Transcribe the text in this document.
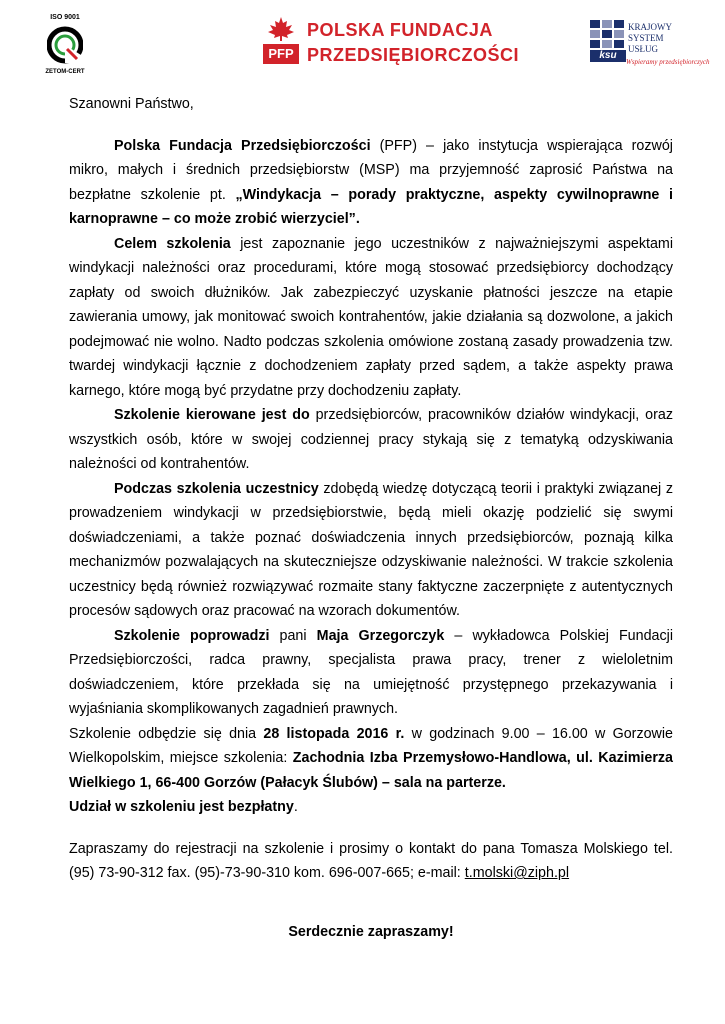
ISO 9001
ZETOM-CERT
PFP
POLSKA FUNDACJA
PRZEDSIĘBIORCZOŚCI
KRAJOWY
SYSTEM
USŁUG
ksu
Wspieramy przedsiębiorczych

Szanowni Państwo,

Polska Fundacja Przedsiębiorczości (PFP) – jako instytucja wspierająca rozwój mikro, małych i średnich przedsiębiorstw (MSP) ma przyjemność zaprosić Państwa na bezpłatne szkolenie pt. „Windykacja – porady praktyczne, aspekty cywilnoprawne i karnoprawne – co może zrobić wierzyciel”.

Celem szkolenia jest zapoznanie jego uczestników z najważniejszymi aspektami windykacji należności oraz procedurami, które mogą stosować przedsiębiorcy dochodzący zapłaty od swoich dłużników. Jak zabezpieczyć uzyskanie płatności jeszcze na etapie zawierania umowy, jak monitować swoich kontrahentów, jakie działania są dozwolone, a jakich podejmować nie wolno. Nadto podczas szkolenia omówione zostaną zasady prowadzenia tzw. twardej windykacji łącznie z dochodzeniem zapłaty przed sądem, a także aspekty prawa karnego, które mogą być przydatne przy dochodzeniu zapłaty.

Szkolenie kierowane jest do przedsiębiorców, pracowników działów windykacji, oraz wszystkich osób, które w swojej codziennej pracy stykają się z tematyką odzyskiwania należności od kontrahentów.

Podczas szkolenia uczestnicy zdobędą wiedzę dotyczącą teorii i praktyki związanej z prowadzeniem windykacji w przedsiębiorstwie, będą mieli okazję podzielić się swymi doświadczeniami, a także poznać doświadczenia innych przedsiębiorców, poznają kilka mechanizmów pozwalających na skuteczniejsze odzyskiwanie należności. W trakcie szkolenia uczestnicy będą również rozwiązywać rozmaite stany faktyczne zaczerpnięte z autentycznych procesów sądowych oraz pracować na wzorach dokumentów.

Szkolenie poprowadzi pani Maja Grzegorczyk – wykładowca Polskiej Fundacji Przedsiębiorczości, radca prawny, specjalista prawa pracy, trener z wieloletnim doświadczeniem, które przekłada się na umiejętność przystępnego przekazywania i wyjaśniania skomplikowanych zagadnień prawnych.

Szkolenie odbędzie się dnia 28 listopada 2016 r. w godzinach 9.00 – 16.00 w Gorzowie Wielkopolskim, miejsce szkolenia: Zachodnia Izba Przemysłowo-Handlowa, ul. Kazimierza Wielkiego 1, 66-400 Gorzów (Pałacyk Ślubów) – sala na parterze.

Udział w szkoleniu jest bezpłatny.

Zapraszamy do rejestracji na szkolenie i prosimy o kontakt do pana Tomasza Molskiego tel. (95) 73-90-312 fax. (95)-73-90-310 kom. 696-007-665; e-mail: t.molski@ziph.pl

Serdecznie zapraszamy!
